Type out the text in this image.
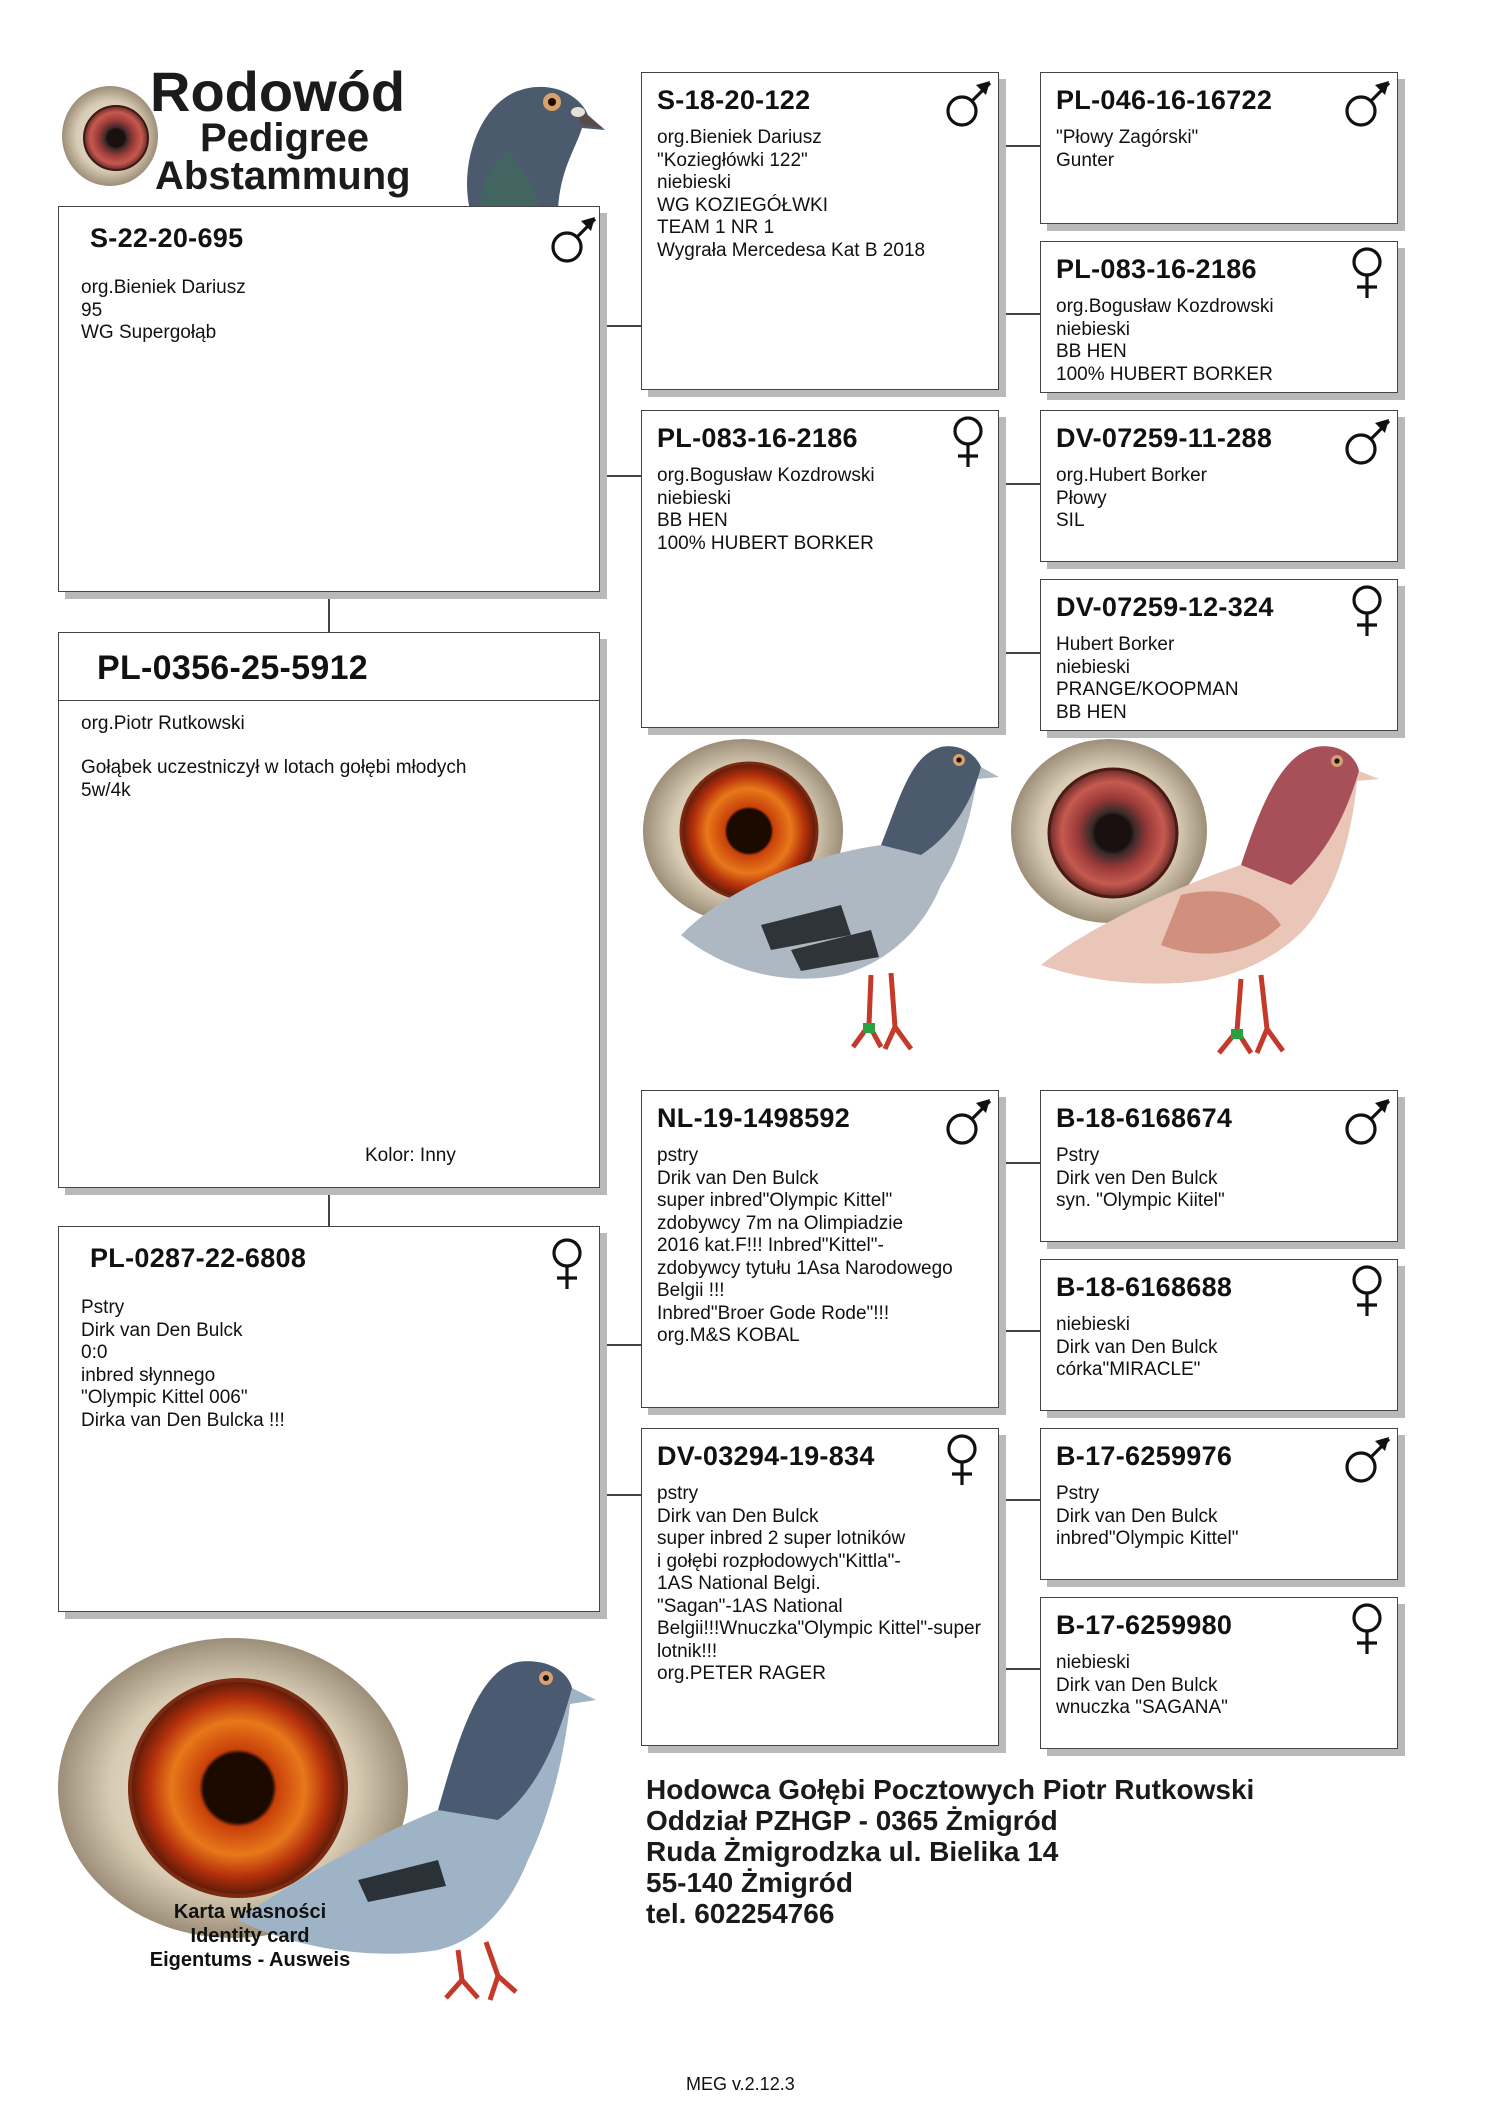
Rodowód
Pedigree
Abstammung
S-22-20-695
org.Bieniek Dariusz
95
WG Supergołąb
PL-0356-25-5912
org.Piotr Rutkowski
Gołąbek uczestniczył w lotach gołębi młodych
5w/4k
Kolor: Inny
PL-0287-22-6808
Pstry
Dirk van Den Bulck
0:0
inbred słynnego
"Olympic Kittel 006"
Dirka van Den Bulcka !!!
S-18-20-122
org.Bieniek Dariusz
"Koziegłówki 122"
niebieski
WG KOZIEGÓŁWKI
TEAM 1 NR 1
Wygrała Mercedesa Kat B 2018
PL-083-16-2186
org.Bogusław Kozdrowski
niebieski
BB HEN
100% HUBERT BORKER
NL-19-1498592
pstry
Drik van Den Bulck
super inbred"Olympic Kittel"
zdobywcy 7m na Olimpiadzie
2016 kat.F!!! Inbred"Kittel"-
zdobywcy tytułu 1Asa Narodowego
Belgii !!!
Inbred"Broer Gode Rode"!!!
org.M&S KOBAL
DV-03294-19-834
pstry
Dirk van Den Bulck
super inbred 2 super lotników
i gołębi rozpłodowych"Kittla"-
1AS National Belgi.
"Sagan"-1AS National
Belgii!!!Wnuczka"Olympic Kittel"-super
lotnik!!!
org.PETER RAGER
PL-046-16-16722
"Płowy Zagórski"
Gunter
PL-083-16-2186
org.Bogusław Kozdrowski
niebieski
BB HEN
100% HUBERT BORKER
DV-07259-11-288
org.Hubert Borker
Płowy
SIL
DV-07259-12-324
Hubert Borker
niebieski
PRANGE/KOOPMAN
BB HEN
B-18-6168674
Pstry
Dirk ven Den Bulck
syn. "Olympic Kiitel"
B-18-6168688
niebieski
Dirk van Den Bulck
córka"MIRACLE"
B-17-6259976
Pstry
Dirk van Den Bulck
inbred"Olympic Kittel"
B-17-6259980
niebieski
Dirk van Den Bulck
wnuczka "SAGANA"
Hodowca Gołębi Pocztowych Piotr Rutkowski
Oddział PZHGP - 0365 Żmigród
Ruda Żmigrodzka ul. Bielika 14
55-140 Żmigród
tel. 602254766
Karta własności
Identity card
Eigentums - Ausweis
MEG v.2.12.3
